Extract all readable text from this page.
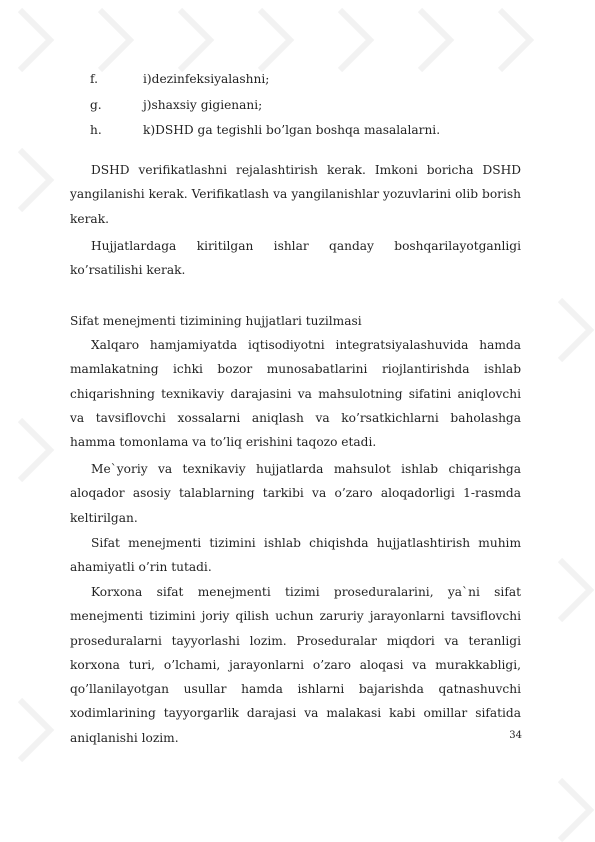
f.	i)dezinfeksiyalashni;
g.	j)shaxsiy gigienani;
h.	k)DSHD ga tegishli bo’lgan boshqa masalalarni.

DSHD verifikatlashni rejalashtirish kerak. Imkoni boricha DSHD yangilanishi kerak. Verifikatlash va yangilanishlar yozuvlarini olib borish kerak.

Hujjatlardaga kiritilgan ishlar qanday boshqarilayotganligi ko’rsatilishi kerak.

Sifat menejmenti tizimining hujjatlari tuzilmasi

Xalqaro hamjamiyatda iqtisodiyotni integratsiyalashuvida hamda mamlakatning ichki bozor munosabatlarini riojlantirishda ishlab chiqarishning texnikaviy darajasini va mahsulotning sifatini aniqlovchi va tavsiflovchi xossalarni aniqlash va ko’rsatkichlarni baholashga hamma tomonlama va to’liq erishini taqozo etadi.

Me`yoriy va texnikaviy hujjatlarda mahsulot ishlab chiqarishga aloqador asosiy talablarning tarkibi va o’zaro aloqadorligi 1-rasmda keltirilgan.

Sifat menejmenti tizimini ishlab chiqishda hujjatlashtirish muhim ahamiyatli o’rin tutadi.

Korxona sifat menejmenti tizimi proseduralarini, ya`ni sifat menejmenti tizimini joriy qilish uchun zaruriy jarayonlarni tavsiflovchi proseduralarni tayyorlashi lozim. Proseduralar miqdori va teranligi korxona turi, o’lchami, jarayonlarni o’zaro aloqasi va murakkabligi, qo’llanilayotgan usullar hamda ishlarni bajarishda qatnashuvchi xodimlarining tayyorgarlik darajasi va malakasi kabi omillar sifatida aniqlanishi lozim.	34
